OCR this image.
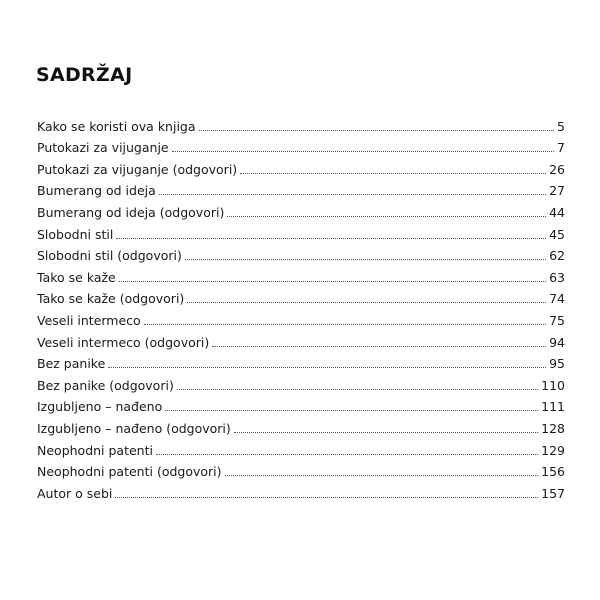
SADRŽAJ
Kako se koristi ova knjiga	5
Putokazi za vijuganje	7
Putokazi za vijuganje (odgovori)	26
Bumerang od ideja	27
Bumerang od ideja (odgovori)	44
Slobodni stil	45
Slobodni stil (odgovori)	62
Tako se kaže	63
Tako se kaže (odgovori)	74
Veseli intermeco	75
Veseli intermeco (odgovori)	94
Bez panike	95
Bez panike (odgovori)	110
Izgubljeno – nađeno	111
Izgubljeno – nađeno (odgovori)	128
Neophodni patenti	129
Neophodni patenti (odgovori)	156
Autor o sebi	157
